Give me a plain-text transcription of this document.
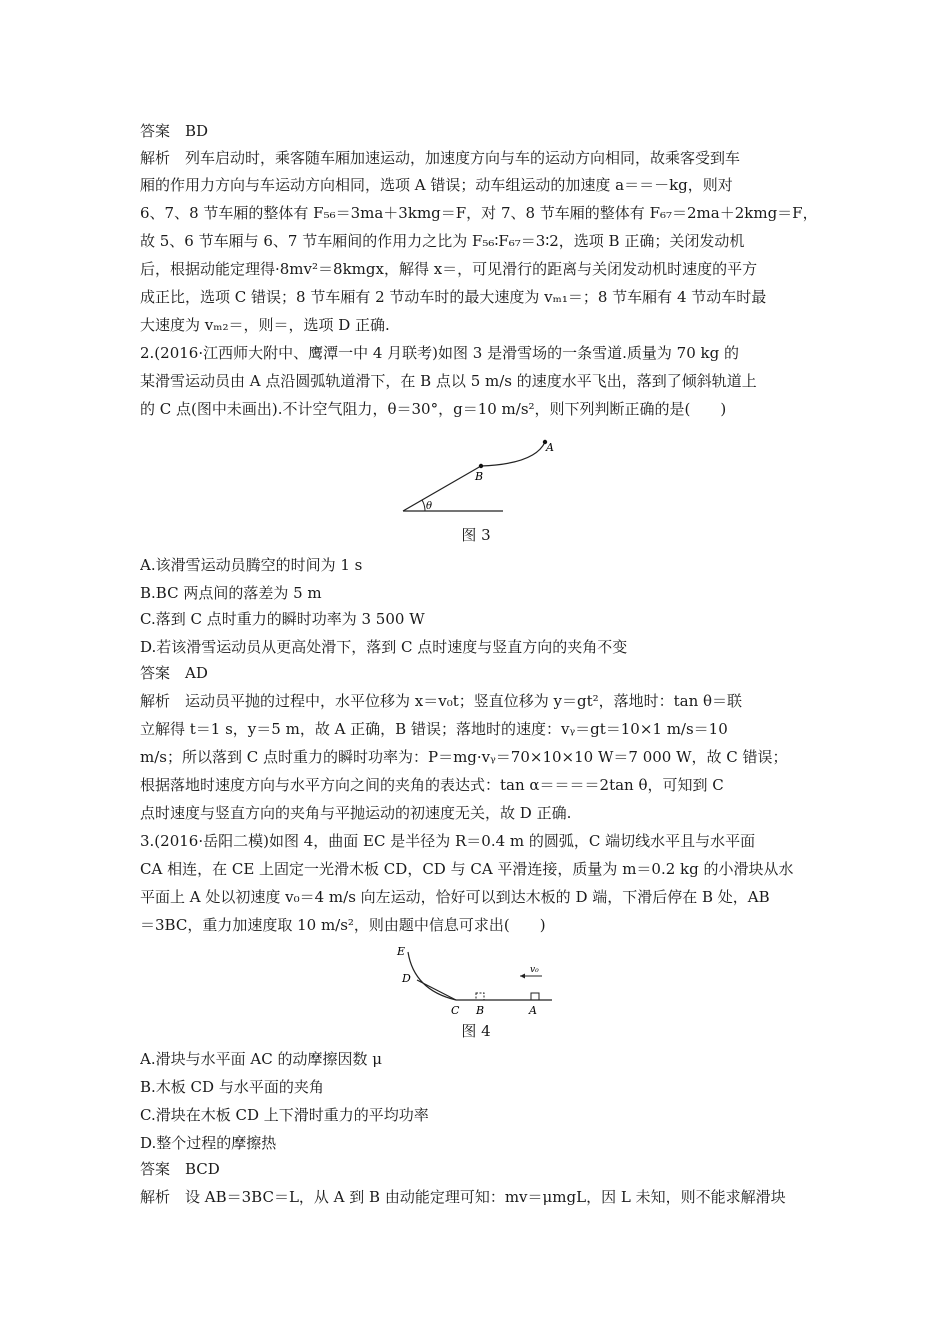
答案　BD
解析　列车启动时，乘客随车厢加速运动，加速度方向与车的运动方向相同，故乘客受到车
厢的作用力方向与车运动方向相同，选项 A 错误；动车组运动的加速度 a＝＝－kg，则对
6、7、8 节车厢的整体有 F₅₆＝3ma＋3kmg＝F，对 7、8 节车厢的整体有 F₆₇＝2ma＋2kmg＝F，
故 5、6 节车厢与 6、7 节车厢间的作用力之比为 F₅₆∶F₆₇＝3∶2，选项 B 正确；关闭发动机
后，根据动能定理得·8mv²＝8kmgx，解得 x＝，可见滑行的距离与关闭发动机时速度的平方
成正比，选项 C 错误；8 节车厢有 2 节动车时的最大速度为 vₘ₁＝；8 节车厢有 4 节动车时最
大速度为 vₘ₂＝，则＝，选项 D 正确.
2.(2016·江西师大附中、鹰潭一中 4 月联考)如图 3 是滑雪场的一条雪道.质量为 70 kg 的
某滑雪运动员由 A 点沿圆弧轨道滑下，在 B 点以 5 m/s 的速度水平飞出，落到了倾斜轨道上
的 C 点(图中未画出).不计空气阻力，θ＝30°，g＝10 m/s²，则下列判断正确的是(　　)
A
B
θ
图 3
A.该滑雪运动员腾空的时间为 1 s
B.BC 两点间的落差为 5 m
C.落到 C 点时重力的瞬时功率为 3 500 W
D.若该滑雪运动员从更高处滑下，落到 C 点时速度与竖直方向的夹角不变
答案　AD
解析　运动员平抛的过程中，水平位移为 x＝v₀t；竖直位移为 y＝gt²，落地时：tan θ＝联
立解得 t＝1 s，y＝5 m，故 A 正确，B 错误；落地时的速度：vᵧ＝gt＝10×1 m/s＝10
m/s；所以落到 C 点时重力的瞬时功率为：P＝mg·vᵧ＝70×10×10 W＝7 000 W，故 C 错误；
根据落地时速度方向与水平方向之间的夹角的表达式：tan α＝＝＝＝2tan θ，可知到 C
点时速度与竖直方向的夹角与平抛运动的初速度无关，故 D 正确.
3.(2016·岳阳二模)如图 4，曲面 EC 是半径为 R＝0.4 m 的圆弧，C 端切线水平且与水平面
CA 相连，在 CE 上固定一光滑木板 CD，CD 与 CA 平滑连接，质量为 m＝0.2 kg 的小滑块从水
平面上 A 处以初速度 v₀＝4 m/s 向左运动，恰好可以到达木板的 D 端，下滑后停在 B 处，AB
＝3BC，重力加速度取 10 m/s²，则由题中信息可求出(　　)
E
D
C B	A
v₀
图 4
A.滑块与水平面 AC 的动摩擦因数 μ
B.木板 CD 与水平面的夹角
C.滑块在木板 CD 上下滑时重力的平均功率
D.整个过程的摩擦热
答案　BCD
解析　设 AB＝3BC＝L，从 A 到 B 由动能定理可知：mv＝μmgL，因 L 未知，则不能求解滑块
